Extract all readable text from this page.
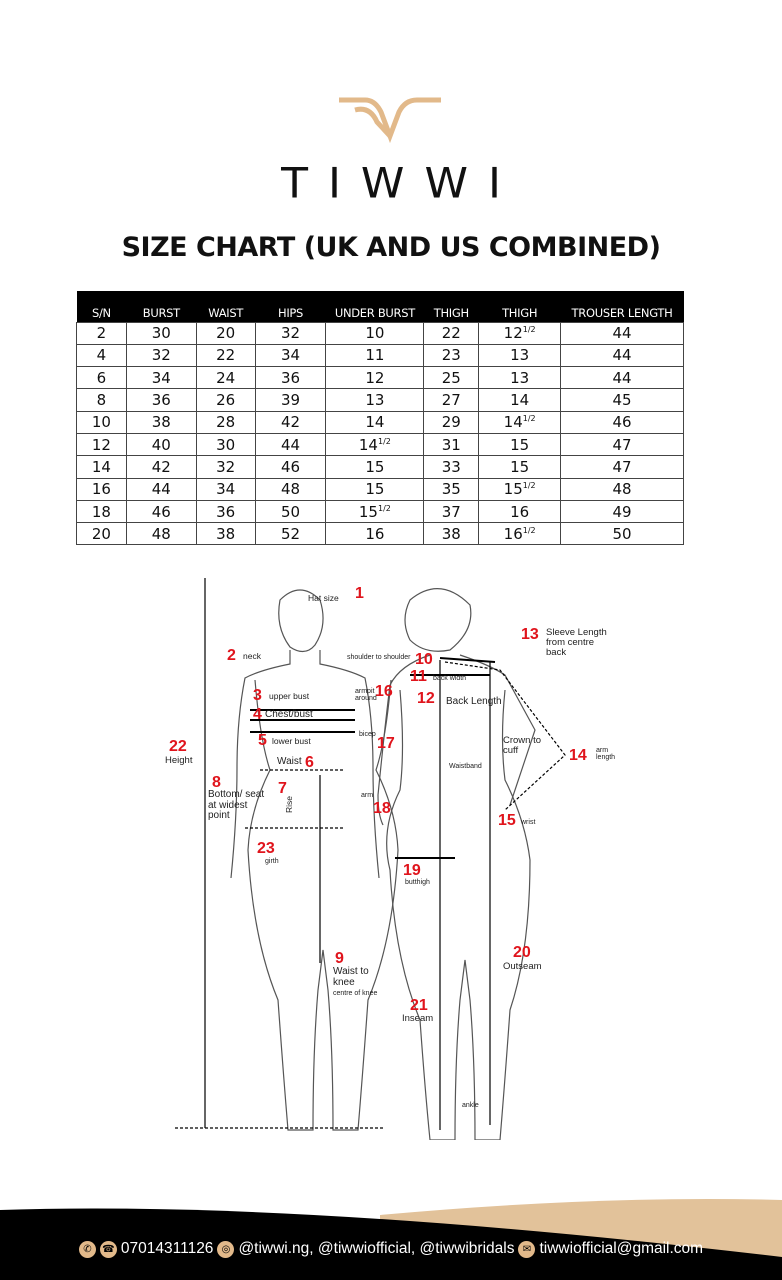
TIWWI
SIZE CHART (UK AND US COMBINED)
S/N	BURST	WAIST	HIPS	UNDER BURST	THIGH	THIGH	TROUSER LENGTH
2	30	20	32	10	22	$12^{1/2}$	44
4	32	22	34	11	23	13	44
6	34	24	36	12	25	13	44
8	36	26	39	13	27	14	45
10	38	28	42	14	29	$14^{1/2}$	46
12	40	30	44	$14^{1/2}$	31	15	47
14	42	32	46	15	33	15	47
16	44	34	48	15	35	$15^{1/2}$	48
18	46	36	50	$15^{1/2}$	37	16	49
20	48	38	52	16	38	$16^{1/2}$	50
1
Hat size
2 neck
3 upper bust
4 Chest/bust
5 lower bust
6
Waist
7
Rise
8
Bottom/ seat at widest point
9
Waist to knee
centre of knee
10
shoulder to shoulder
11 back width
12 Back Length
13 Sleeve Length from centre back
14 arm length
15 wrist
16
armpit around
17
bicep
18
arm
19
butthigh
20
Outseam
21
Inseam
22
Height
23
girth
Crown to cuff
Waistband
ankle
✆	☎ 07014311126 ◎ @tiwwi.ng, @tiwwiofficial, @tiwwibridals ✉ tiwwiofficial@gmail.com
